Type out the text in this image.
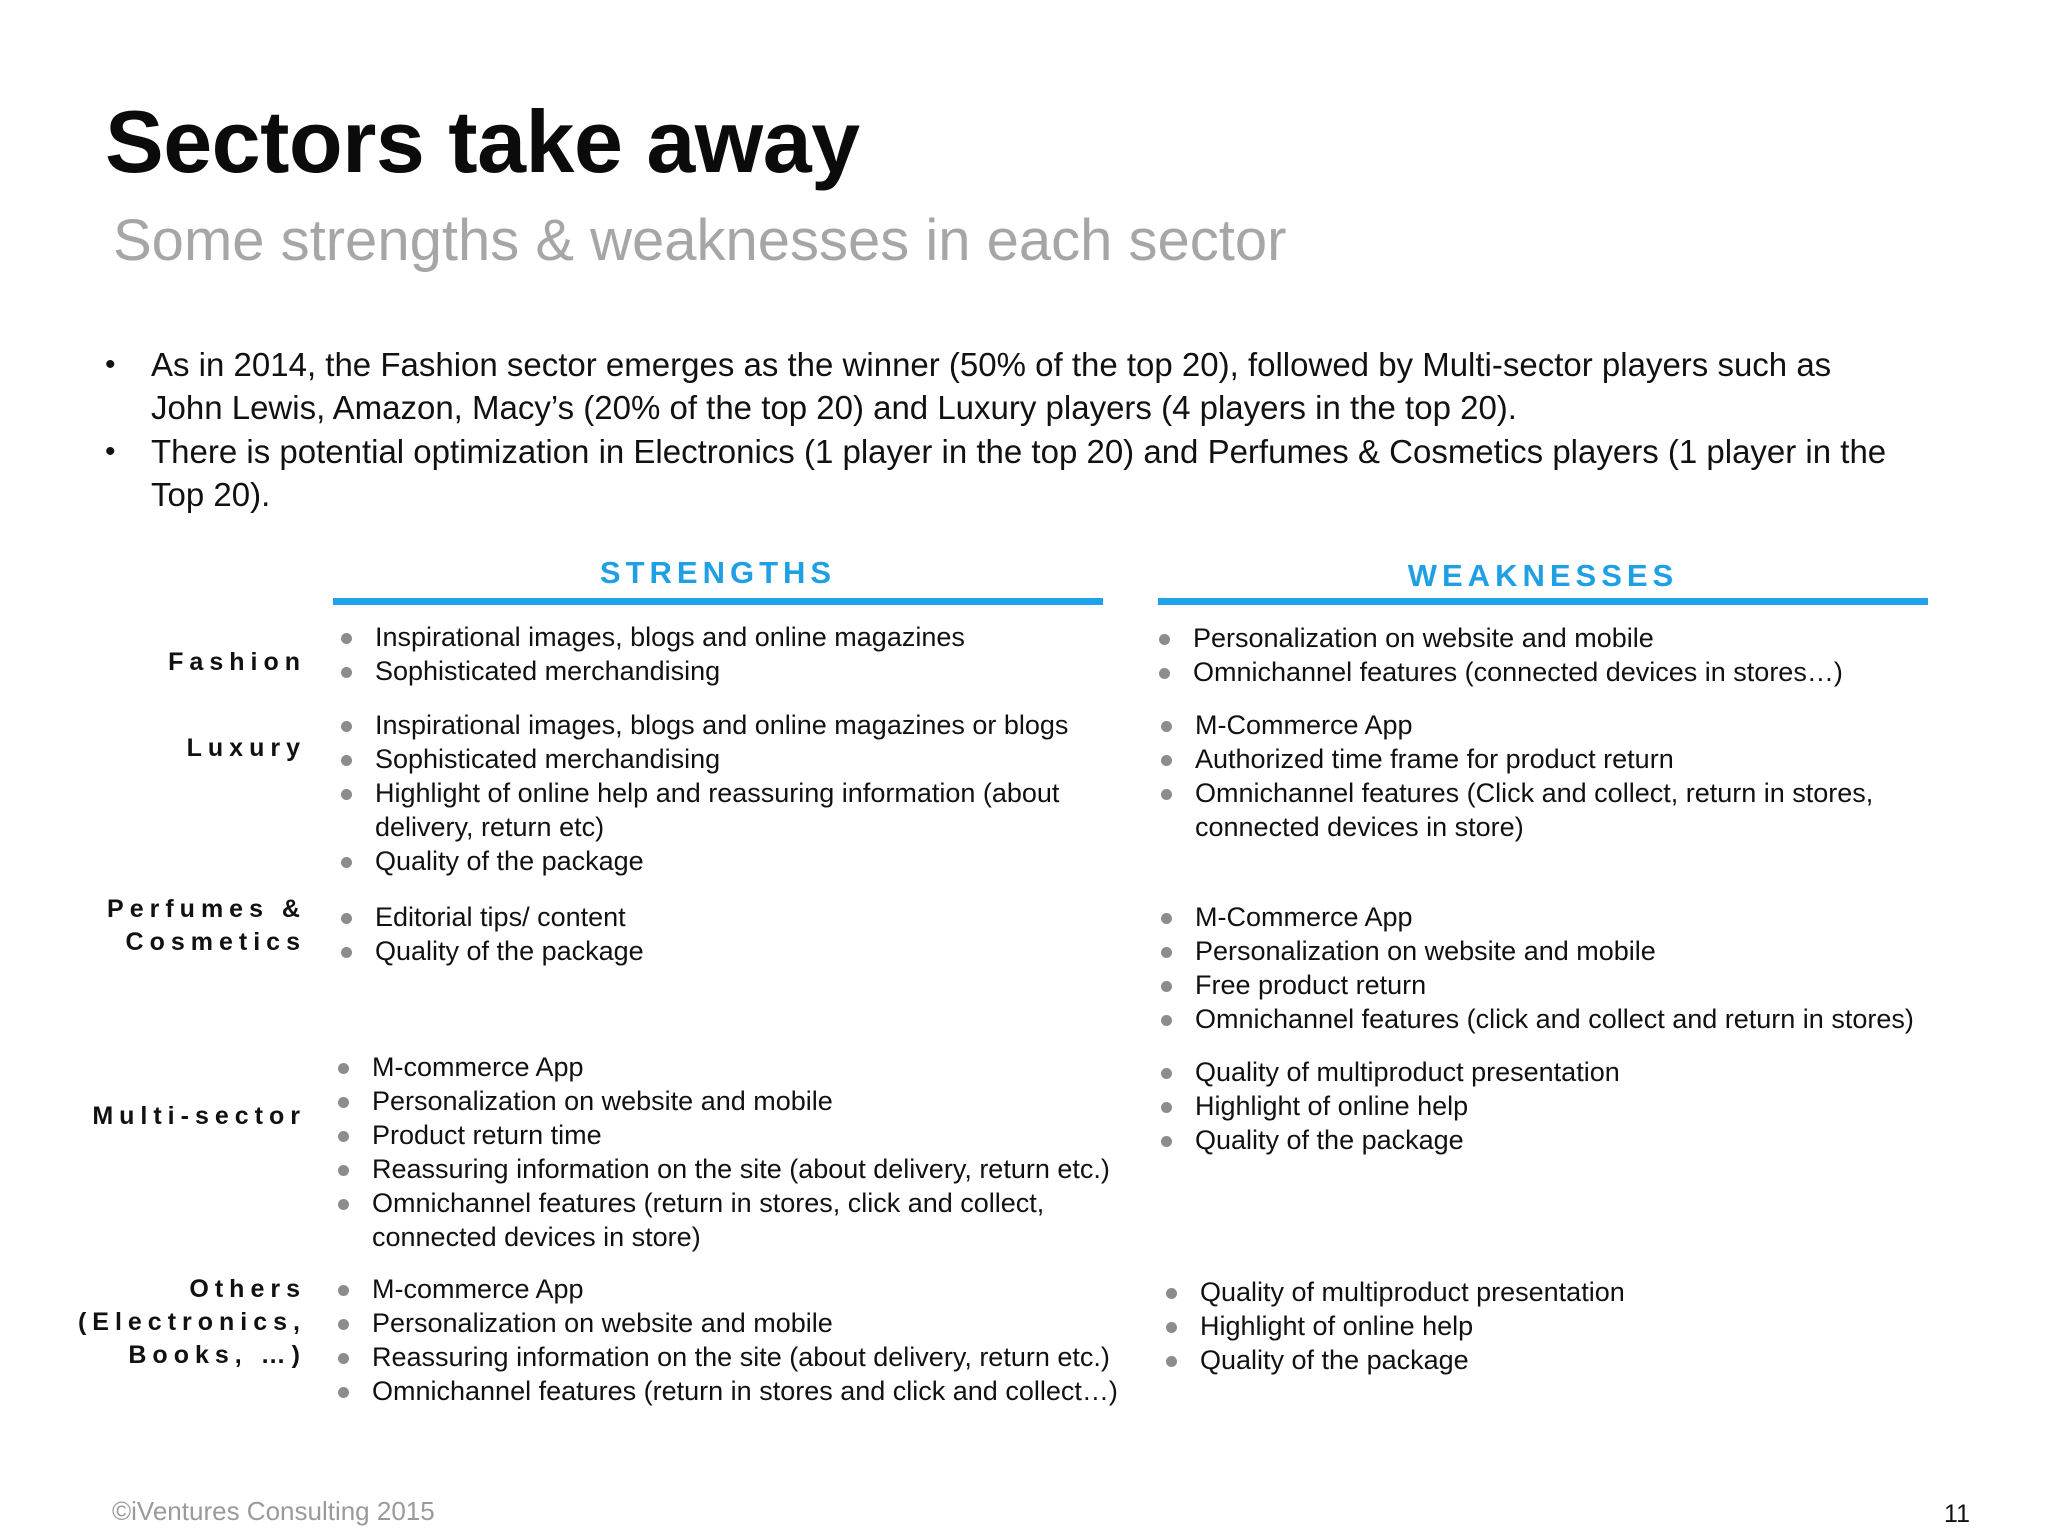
Sectors take away
Some strengths & weaknesses in each sector
• As in 2014, the Fashion sector emerges as the winner (50% of the top 20), followed by Multi-sector players such as John Lewis, Amazon, Macy’s (20% of the top 20) and Luxury players (4 players in the top 20).
• There is potential optimization in Electronics (1 player in the top 20) and Perfumes & Cosmetics players (1 player in the Top 20).
STRENGTHS	WEAKNESSES
Fashion
Inspirational images, blogs and online magazines
Sophisticated merchandising
Personalization on website and mobile
Omnichannel features (connected devices in stores…)
Luxury
Inspirational images, blogs and online magazines or blogs
Sophisticated merchandising
Highlight of online help and reassuring information (about delivery, return etc)
Quality of the package
M-Commerce App
Authorized time frame for product return
Omnichannel features (Click and collect, return in stores, connected devices in store)
Perfumes &
Cosmetics
Editorial tips/ content
Quality of the package
M-Commerce App
Personalization on website and mobile
Free product return
Omnichannel features (click and collect and return in stores)
Multi-sector
M-commerce App
Personalization on website and mobile
Product return time
Reassuring information on the site (about delivery, return etc.)
Omnichannel features (return in stores, click and collect, connected devices in store)
Quality of multiproduct presentation
Highlight of online help
Quality of the package
Others
(Electronics,
Books, …)
M-commerce App
Personalization on website and mobile
Reassuring information on the site (about delivery, return etc.)
Omnichannel features (return in stores and click and collect…)
Quality of multiproduct presentation
Highlight of online help
Quality of the package
©iVentures Consulting 2015	11
